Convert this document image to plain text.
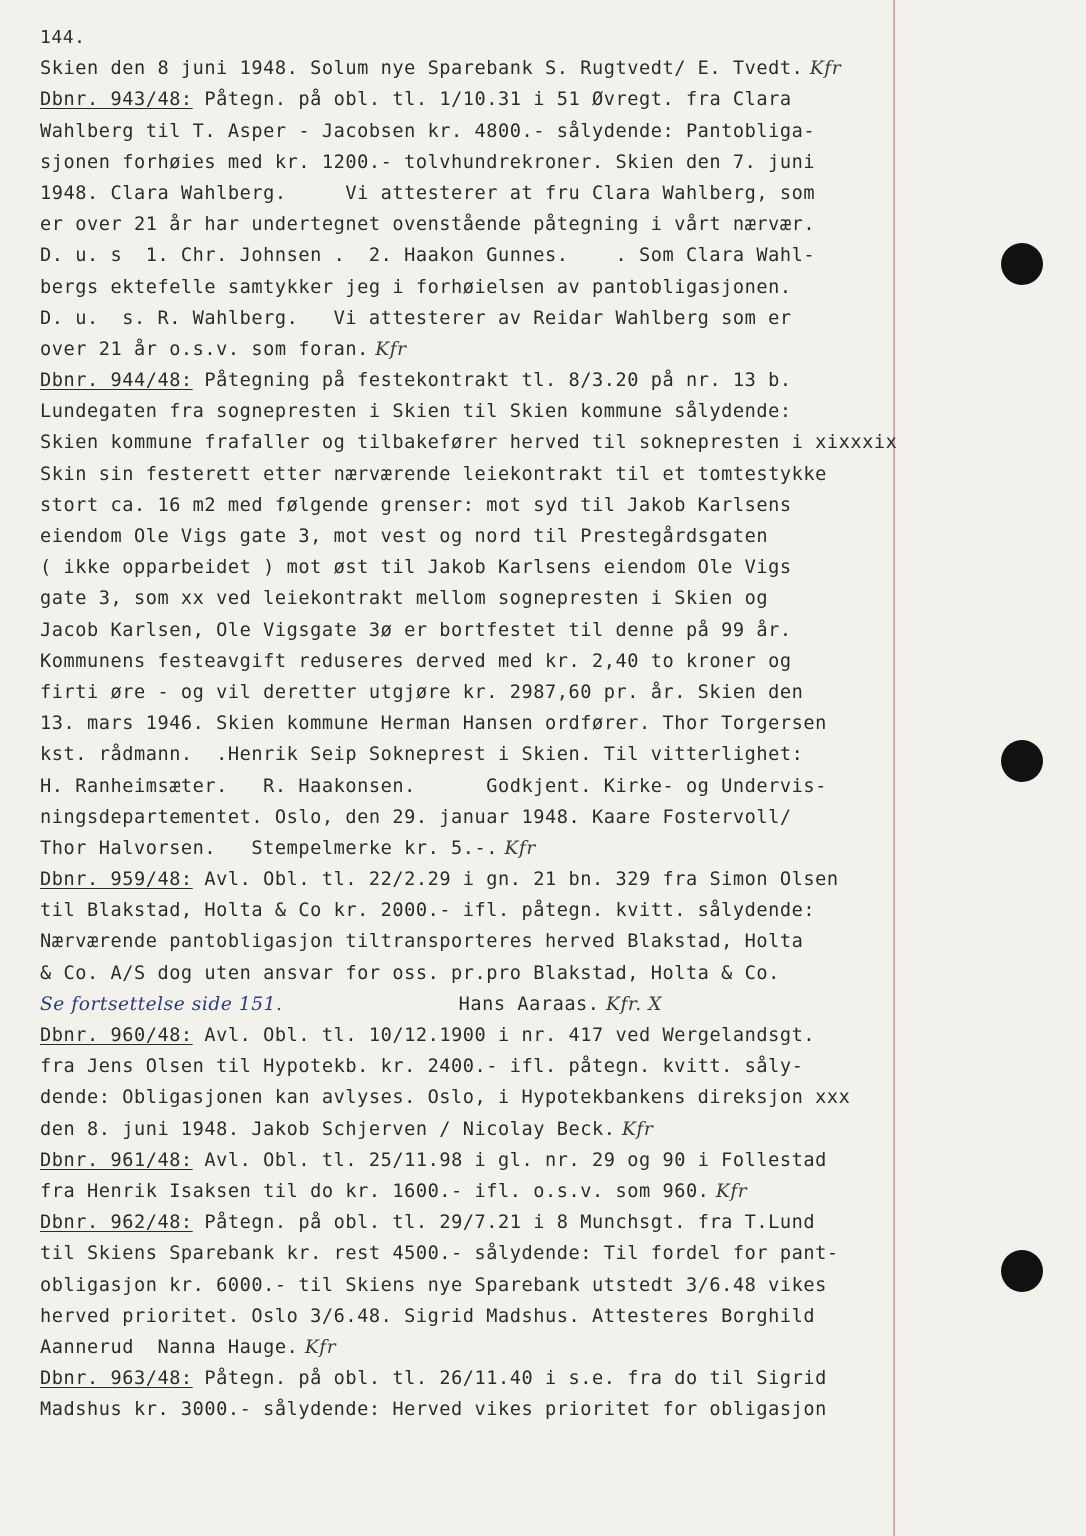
144.
Skien den 8 juni 1948. Solum nye Sparebank S. Rugtvedt/ E. Tvedt. Kfr
Dbnr. 943/48: Påtegn. på obl. tl. 1/10.31 i 51 Øvregt. fra Clara
Wahlberg til T. Asper - Jacobsen kr. 4800.- sålydende: Pantobliga-
sjonen forhøies med kr. 1200.- tolvhundrekroner. Skien den 7. juni
1948. Clara Wahlberg.     Vi attesterer at fru Clara Wahlberg, som
er over 21 år har undertegnet ovenstående påtegning i vårt nærvær.
D. u. s  1. Chr. Johnsen .  2. Haakon Gunnes.    . Som Clara Wahl-
bergs ektefelle samtykker jeg i forhøielsen av pantobligasjonen.
D. u.  s. R. Wahlberg.   Vi attesterer av Reidar Wahlberg som er
over 21 år o.s.v. som foran. Kfr
Dbnr. 944/48: Påtegning på festekontrakt tl. 8/3.20 på nr. 13 b.
Lundegaten fra sognepresten i Skien til Skien kommune sålydende:
Skien kommune frafaller og tilbakefører herved til soknepresten i xixxxix
Skin sin festerett etter nærværende leiekontrakt til et tomtestykke
stort ca. 16 m2 med følgende grenser: mot syd til Jakob Karlsens
eiendom Ole Vigs gate 3, mot vest og nord til Prestegårdsgaten
( ikke opparbeidet ) mot øst til Jakob Karlsens eiendom Ole Vigs
gate 3, som xx ved leiekontrakt mellom sognepresten i Skien og
Jacob Karlsen, Ole Vigsgate 3ø er bortfestet til denne på 99 år.
Kommunens festeavgift reduseres derved med kr. 2,40 to kroner og
firti øre - og vil deretter utgjøre kr. 2987,60 pr. år. Skien den
13. mars 1946. Skien kommune Herman Hansen ordfører. Thor Torgersen
kst. rådmann.  .Henrik Seip Sokneprest i Skien. Til vitterlighet:
H. Ranheimsæter.   R. Haakonsen.      Godkjent. Kirke- og Undervis-
ningsdepartementet. Oslo, den 29. januar 1948. Kaare Fostervoll/
Thor Halvorsen.   Stempelmerke kr. 5.-. Kfr
Dbnr. 959/48: Avl. Obl. tl. 22/2.29 i gn. 21 bn. 329 fra Simon Olsen
til Blakstad, Holta & Co kr. 2000.- ifl. påtegn. kvitt. sålydende:
Nærværende pantobligasjon tiltransporteres herved Blakstad, Holta
& Co. A/S dog uten ansvar for oss. pr.pro Blakstad, Holta & Co.
Se fortsettelse side 151.               Hans Aaraas. Kfr. X
Dbnr. 960/48: Avl. Obl. tl. 10/12.1900 i nr. 417 ved Wergelandsgt.
fra Jens Olsen til Hypotekb. kr. 2400.- ifl. påtegn. kvitt. såly-
dende: Obligasjonen kan avlyses. Oslo, i Hypotekbankens direksjon xxx
den 8. juni 1948. Jakob Schjerven / Nicolay Beck. Kfr
Dbnr. 961/48: Avl. Obl. tl. 25/11.98 i gl. nr. 29 og 90 i Follestad
fra Henrik Isaksen til do kr. 1600.- ifl. o.s.v. som 960. Kfr
Dbnr. 962/48: Påtegn. på obl. tl. 29/7.21 i 8 Munchsgt. fra T.Lund
til Skiens Sparebank kr. rest 4500.- sålydende: Til fordel for pant-
obligasjon kr. 6000.- til Skiens nye Sparebank utstedt 3/6.48 vikes
herved prioritet. Oslo 3/6.48. Sigrid Madshus. Attesteres Borghild
Aannerud  Nanna Hauge. Kfr
Dbnr. 963/48: Påtegn. på obl. tl. 26/11.40 i s.e. fra do til Sigrid
Madshus kr. 3000.- sålydende: Herved vikes prioritet for obligasjon
